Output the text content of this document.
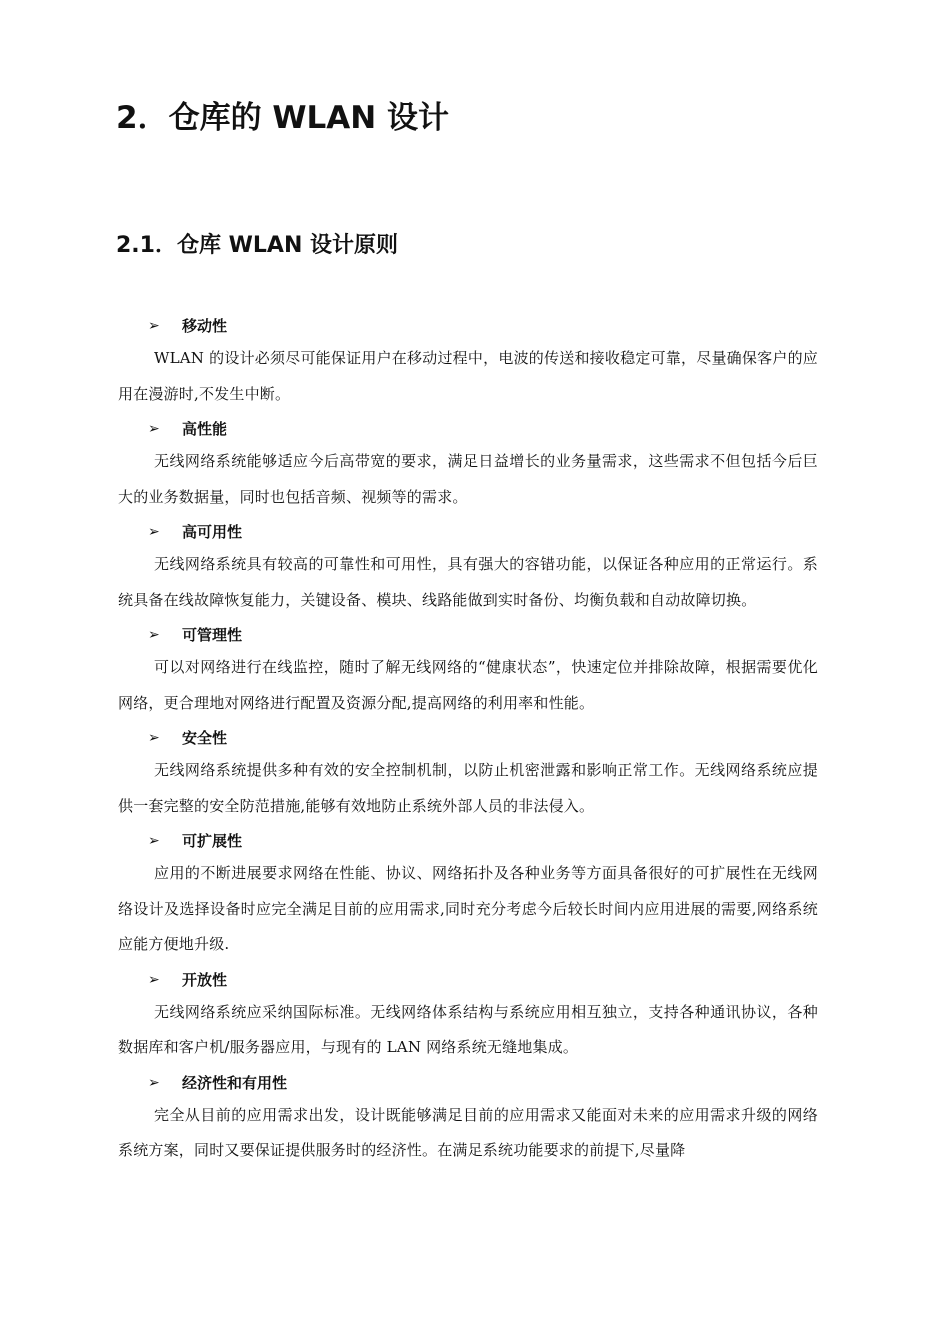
2．仓库的 WLAN 设计
2.1．仓库 WLAN 设计原则
➢	移动性

WLAN 的设计必须尽可能保证用户在移动过程中，电波的传送和接收稳定可靠，尽量确保客户的应用在漫游时,不发生中断。

➢	高性能

无线网络系统能够适应今后高带宽的要求，满足日益增长的业务量需求，这些需求不但包括今后巨大的业务数据量，同时也包括音频、视频等的需求。

➢	高可用性

无线网络系统具有较高的可靠性和可用性，具有强大的容错功能，以保证各种应用的正常运行。系统具备在线故障恢复能力，关键设备、模块、线路能做到实时备份、均衡负载和自动故障切换。

➢	可管理性

可以对网络进行在线监控，随时了解无线网络的“健康状态”，快速定位并排除故障，根据需要优化网络，更合理地对网络进行配置及资源分配,提高网络的利用率和性能。

➢	安全性

无线网络系统提供多种有效的安全控制机制，以防止机密泄露和影响正常工作。无线网络系统应提供一套完整的安全防范措施,能够有效地防止系统外部人员的非法侵入。

➢	可扩展性

应用的不断进展要求网络在性能、协议、网络拓扑及各种业务等方面具备很好的可扩展性在无线网络设计及选择设备时应完全满足目前的应用需求,同时充分考虑今后较长时间内应用进展的需要,网络系统应能方便地升级.

➢	开放性

无线网络系统应采纳国际标准。无线网络体系结构与系统应用相互独立，支持各种通讯协议，各种数据库和客户机/服务器应用，与现有的 LAN 网络系统无缝地集成。

➢	经济性和有用性

完全从目前的应用需求出发，设计既能够满足目前的应用需求又能面对未来的应用需求升级的网络系统方案，同时又要保证提供服务时的经济性。在满足系统功能要求的前提下,尽量降
